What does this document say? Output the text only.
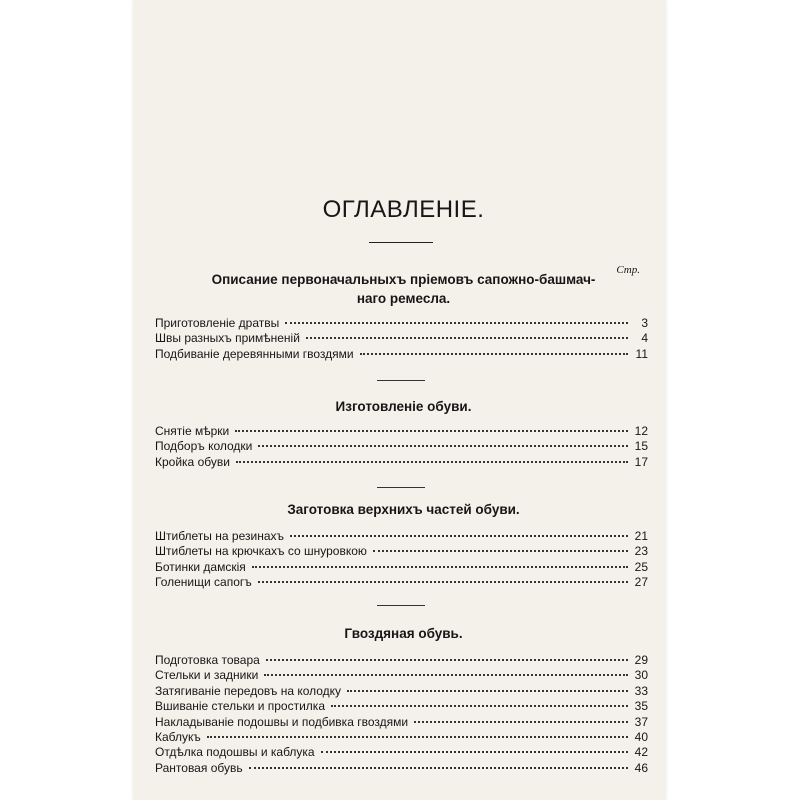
ОГЛАВЛЕНІЕ.
Стр.
Описание первоначальныхъ пріемовъ сапожно-башмач-
наго ремесла.
Приготовленіе дратвы	3
Швы разныхъ примѣненій	4
Подбиваніе деревянными гвоздями	11
Изготовленіе обуви.
Снятіе мѣрки	12
Подборъ колодки	15
Кройка обуви	17
Заготовка верхнихъ частей обуви.
Штиблеты на резинахъ	21
Штиблеты на крючкахъ со шнуровкою	23
Ботинки дамскія	25
Голенищи сапогъ	27
Гвоздяная обувь.
Подготовка товара	29
Стельки и задники	30
Затягиваніе передовъ на колодку	33
Вшиваніе стельки и простилка	35
Накладываніе подошвы и подбивка гвоздями	37
Каблукъ	40
Отдѣлка подошвы и каблука	42
Рантовая обувь	46
